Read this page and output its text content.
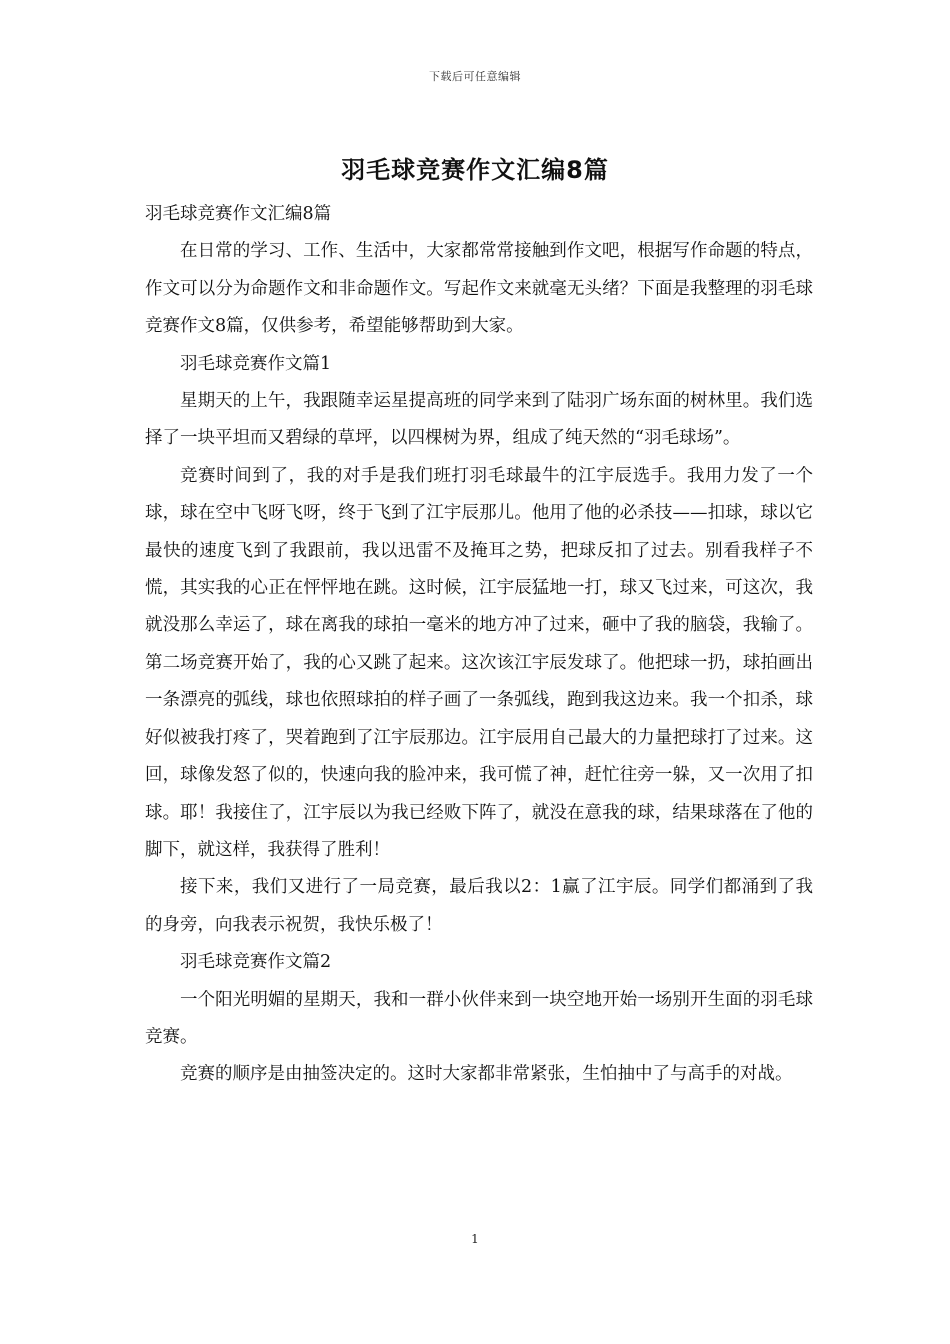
下载后可任意编辑
羽毛球竞赛作文汇编8篇

羽毛球竞赛作文汇编8篇

在日常的学习、工作、生活中，大家都常常接触到作文吧，根据写作命题的特点，作文可以分为命题作文和非命题作文。写起作文来就毫无头绪？下面是我整理的羽毛球竞赛作文8篇，仅供参考，希望能够帮助到大家。

羽毛球竞赛作文篇1

星期天的上午，我跟随幸运星提高班的同学来到了陆羽广场东面的树林里。我们选择了一块平坦而又碧绿的草坪，以四棵树为界，组成了纯天然的“羽毛球场”。

竞赛时间到了，我的对手是我们班打羽毛球最牛的江宇辰选手。我用力发了一个球，球在空中飞呀飞呀，终于飞到了江宇辰那儿。他用了他的必杀技——扣球，球以它最快的速度飞到了我跟前，我以迅雷不及掩耳之势，把球反扣了过去。别看我样子不慌，其实我的心正在怦怦地在跳。这时候，江宇辰猛地一打，球又飞过来，可这次，我就没那么幸运了，球在离我的球拍一毫米的地方冲了过来，砸中了我的脑袋，我输了。第二场竞赛开始了，我的心又跳了起来。这次该江宇辰发球了。他把球一扔，球拍画出一条漂亮的弧线，球也依照球拍的样子画了一条弧线，跑到我这边来。我一个扣杀，球好似被我打疼了，哭着跑到了江宇辰那边。江宇辰用自己最大的力量把球打了过来。这回，球像发怒了似的，快速向我的脸冲来，我可慌了神，赶忙往旁一躲，又一次用了扣球。耶！我接住了，江宇辰以为我已经败下阵了，就没在意我的球，结果球落在了他的脚下，就这样，我获得了胜利！

接下来，我们又进行了一局竞赛，最后我以2：1赢了江宇辰。同学们都涌到了我的身旁，向我表示祝贺，我快乐极了！

羽毛球竞赛作文篇2

一个阳光明媚的星期天，我和一群小伙伴来到一块空地开始一场别开生面的羽毛球竞赛。

竞赛的顺序是由抽签决定的。这时大家都非常紧张，生怕抽中了与高手的对战。

1
